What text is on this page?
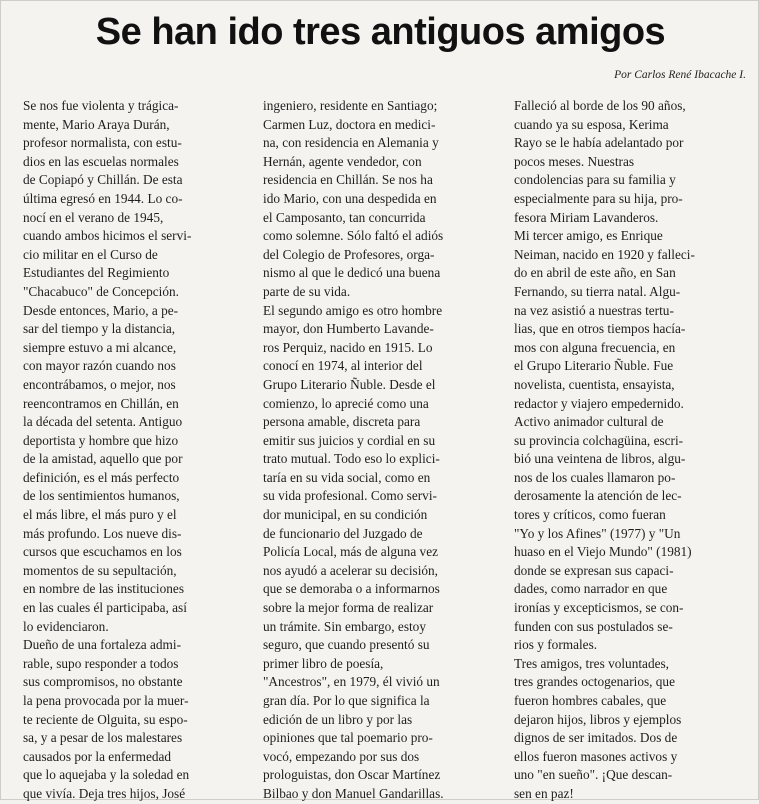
Se han ido tres antiguos amigos
Por Carlos René Ibacache I.
Se nos fue violenta y trágica-
mente, Mario Araya Durán,
profesor normalista, con estu-
dios en las escuelas normales
de Copiapó y Chillán. De esta
última egresó en 1944. Lo co-
nocí en el verano de 1945,
cuando ambos hicimos el servi-
cio militar en el Curso de
Estudiantes del Regimiento
"Chacabuco" de Concepción.
Desde entonces, Mario, a pe-
sar del tiempo y la distancia,
siempre estuvo a mi alcance,
con mayor razón cuando nos
encontrábamos, o mejor, nos
reencontramos en Chillán, en
la década del setenta. Antiguo
deportista y hombre que hizo
de la amistad, aquello que por
definición, es el más perfecto
de los sentimientos humanos,
el más libre, el más puro y el
más profundo. Los nueve dis-
cursos que escuchamos en los
momentos de su sepultación,
en nombre de las instituciones
en las cuales él participaba, así
lo evidenciaron.
Dueño de una fortaleza admi-
rable, supo responder a todos
sus compromisos, no obstante
la pena provocada por la muer-
te reciente de Olguita, su espo-
sa, y a pesar de los malestares
causados por la enfermedad
que lo aquejaba y la soledad en
que vivía. Deja tres hijos, José
ingeniero, residente en Santiago;
Carmen Luz, doctora en medici-
na, con residencia en Alemania y
Hernán, agente vendedor, con
residencia en Chillán. Se nos ha
ido Mario, con una despedida en
el Camposanto, tan concurrida
como solemne. Sólo faltó el adiós
del Colegio de Profesores, orga-
nismo al que le dedicó una buena
parte de su vida.
El segundo amigo es otro hombre
mayor, don Humberto Lavande-
ros Perquiz, nacido en 1915. Lo
conocí en 1974, al interior del
Grupo Literario Ñuble. Desde el
comienzo, lo aprecié como una
persona amable, discreta para
emitir sus juicios y cordial en su
trato mutual. Todo eso lo explici-
taría en su vida social, como en
su vida profesional. Como servi-
dor municipal, en su condición
de funcionario del Juzgado de
Policía Local, más de alguna vez
nos ayudó a acelerar su decisión,
que se demoraba o a informarnos
sobre la mejor forma de realizar
un trámite. Sin embargo, estoy
seguro, que cuando presentó su
primer libro de poesía,
"Ancestros", en 1979, él vivió un
gran día. Por lo que significa la
edición de un libro y por las
opiniones que tal poemario pro-
vocó, empezando por sus dos
prologuistas, don Oscar Martínez
Bilbao y don Manuel Gandarillas.
Falleció al borde de los 90 años,
cuando ya su esposa, Kerima
Rayo se le había adelantado por
pocos meses. Nuestras
condolencias para su familia y
especialmente para su hija, pro-
fesora Miriam Lavanderos.
Mi tercer amigo, es Enrique
Neiman, nacido en 1920 y falleci-
do en abril de este año, en San
Fernando, su tierra natal. Algu-
na vez asistió a nuestras tertu-
lias, que en otros tiempos hacía-
mos con alguna frecuencia, en
el Grupo Literario Ñuble. Fue
novelista, cuentista, ensayista,
redactor y viajero empedernido.
Activo animador cultural de
su provincia colchagüina, escri-
bió una veintena de libros, algu-
nos de los cuales llamaron po-
derosamente la atención de lec-
tores y críticos, como fueran
"Yo y los Afines" (1977) y "Un
huaso en el Viejo Mundo" (1981)
donde se expresan sus capaci-
dades, como narrador en que
ironías y excepticismos, se con-
funden con sus postulados se-
rios y formales.
Tres amigos, tres voluntades,
tres grandes octogenarios, que
fueron hombres cabales, que
dejaron hijos, libros y ejemplos
dignos de ser imitados. Dos de
ellos fueron masones activos y
uno "en sueño". ¡Que descan-
sen en paz!
